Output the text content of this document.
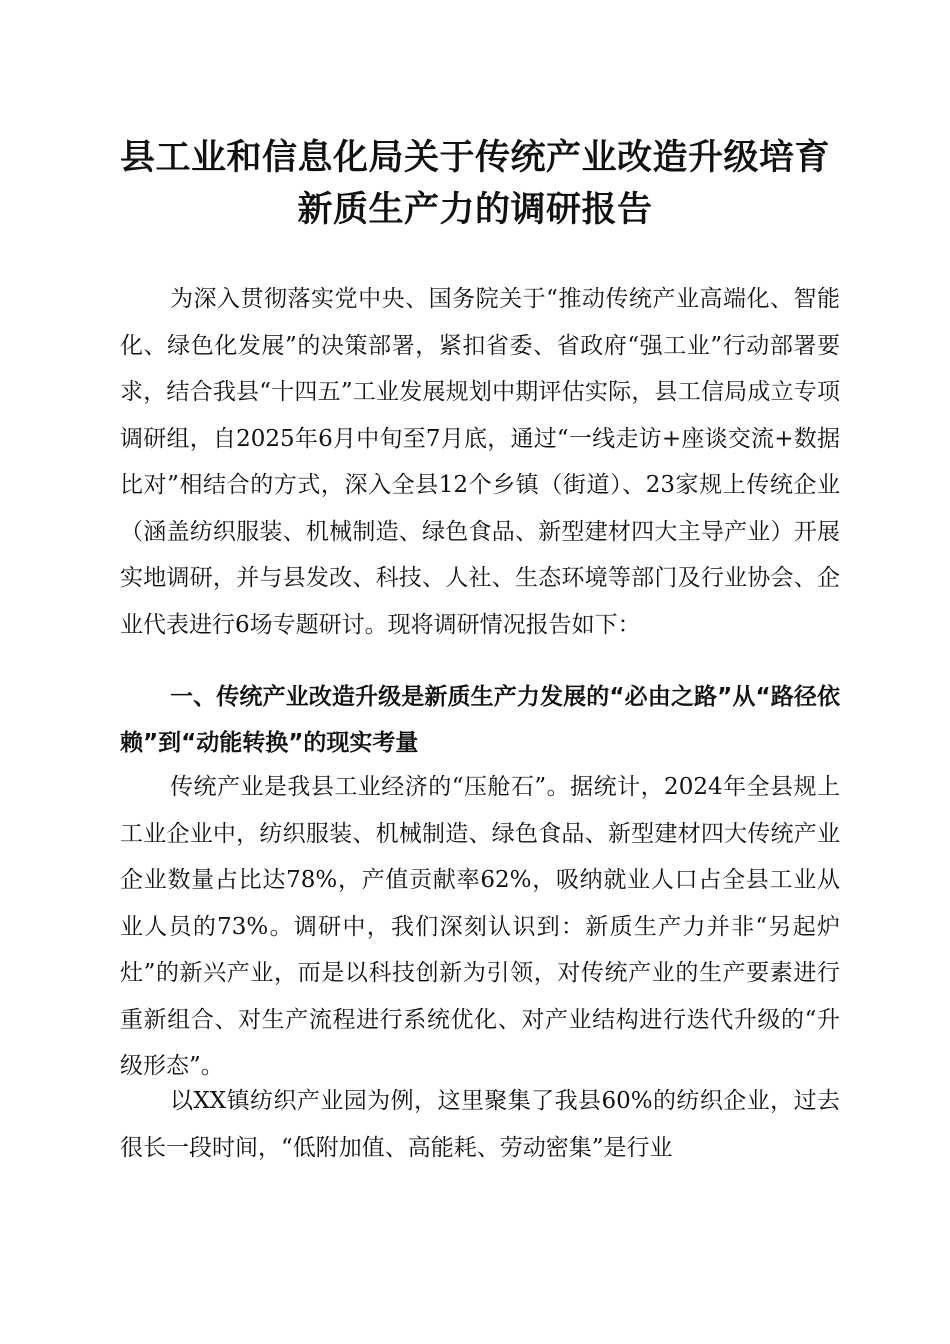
县工业和信息化局关于传统产业改造升级培育
新质生产力的调研报告
为深入贯彻落实党中央、国务院关于“推动传统产业高端化、智能化、绿色化发展”的决策部署，紧扣省委、省政府“强工业”行动部署要求，结合我县“十四五”工业发展规划中期评估实际，县工信局成立专项调研组，自2025年6月中旬至7月底，通过“一线走访+座谈交流+数据比对”相结合的方式，深入全县12个乡镇（街道）、23家规上传统企业（涵盖纺织服装、机械制造、绿色食品、新型建材四大主导产业）开展实地调研，并与县发改、科技、人社、生态环境等部门及行业协会、企业代表进行6场专题研讨。现将调研情况报告如下：
一、传统产业改造升级是新质生产力发展的“必由之路”从“路径依赖”到“动能转换”的现实考量
传统产业是我县工业经济的“压舱石”。据统计，2024年全县规上工业企业中，纺织服装、机械制造、绿色食品、新型建材四大传统产业企业数量占比达78%，产值贡献率62%，吸纳就业人口占全县工业从业人员的73%。调研中，我们深刻认识到：新质生产力并非“另起炉灶”的新兴产业，而是以科技创新为引领，对传统产业的生产要素进行重新组合、对生产流程进行系统优化、对产业结构进行迭代升级的“升级形态”。
以XX镇纺织产业园为例，这里聚集了我县60%的纺织企业，过去很长一段时间，“低附加值、高能耗、劳动密集”是行业
